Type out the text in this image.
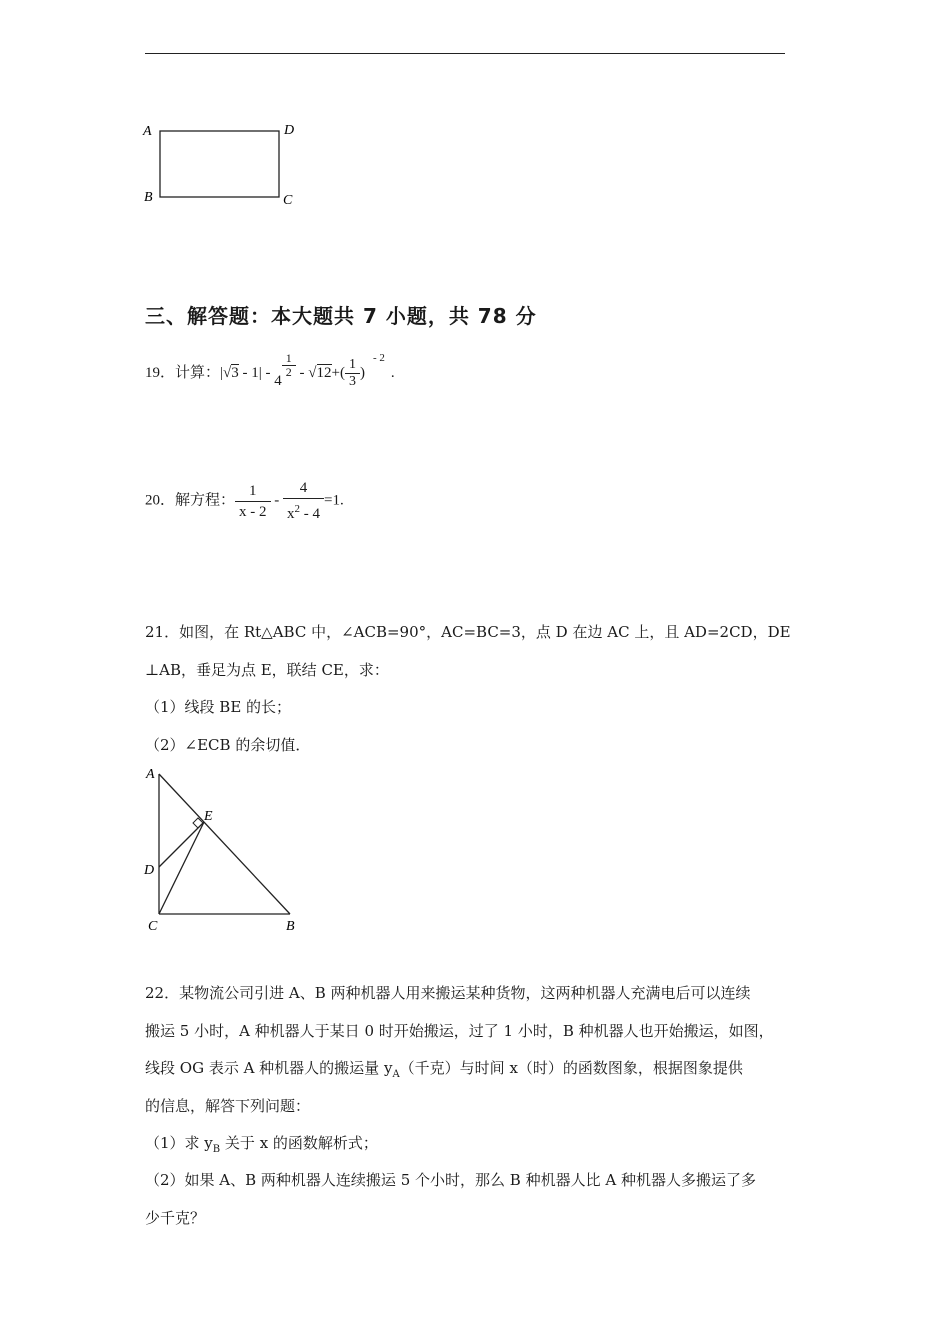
A	D
B	C
三、解答题：本大题共 7 小题，共 78 分
19．计算：|√3 - 1| - 4
$\frac{1}{2} - √12+( \frac{1}{3} )^{- 2}$.
20．解方程： $\frac{1}{x - 2} - \frac{4}{x^2 - 4} =1$.
21．如图，在 Rt△ABC 中，∠ACB=90°，AC=BC=3，点 D 在边 AC 上，且 AD=2CD，DE
⊥AB，垂足为点 E，联结 CE，求：
（1）线段 BE 的长；
（2）∠ECB 的余切值．
A
E
D
C	B
22．某物流公司引进 A、B 两种机器人用来搬运某种货物，这两种机器人充满电后可以连续
搬运 5 小时，A 种机器人于某日 0 时开始搬运，过了 1 小时，B 种机器人也开始搬运，如图，
线段 OG 表示 A 种机器人的搬运量 $y_A$（千克）与时间 x（时）的函数图象，根据图象提供
的信息，解答下列问题：
（1）求 $y_B$ 关于 x 的函数解析式；
（2）如果 A、B 两种机器人连续搬运 5 个小时，那么 B 种机器人比 A 种机器人多搬运了多
少千克？
